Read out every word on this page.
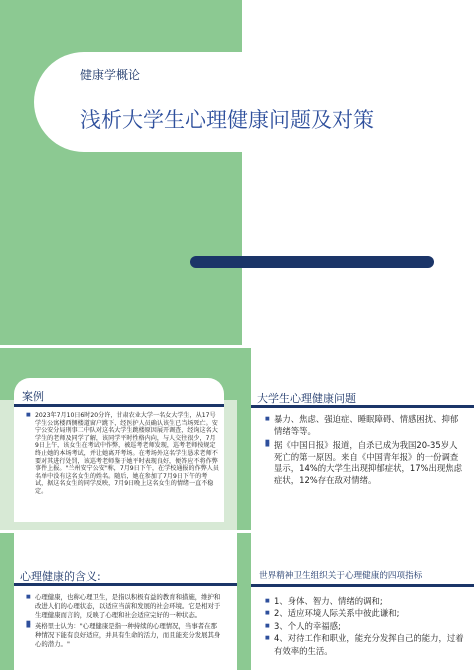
健康学概论
浅析大学生心理健康问题及对策
案例
■ 2023年7月10日6时20分许，甘肃农业大学一名女大学生，从17号学生公寓楼西侧楼道窗户跳下，经医护人员确认该生已当场死亡。安宁公安分局刑事二中队对这名大学生跳楼原因展开调查，经询这名大学生的老师及同学了解，该同学平时性格内向，与人交往很少，7月9日上午，该女生在考试中作弊，被巡考老师发现，巡考老师按规定终止她的本场考试，并让她离开考场。在考场外这名学生恳求老师不要对其进行处罚，该巡考老师鉴于她平时表现良好，便答应不将作弊事件上报。"兰州安宁公安"称，7月9日下午，在学校通报的作弊人员名单中没有这名女生的姓名。随后，她在参加了7月9日下午的考试，据这名女生的同学反映，7月9日晚上这名女生的情绪一直不稳定。
大学生心理健康问题
■ 暴力、焦虑、强迫症、睡眠障碍、情感困扰、抑郁情绪等等。
■
■ 据《中国日报》报道，自杀已成为我国20-35岁人死亡的第一原因。来自《中国青年报》的一份调查显示，14%的大学生出现抑郁症状，17%出现焦虑症状，12%存在敌对情绪。
心理健康的含义:
■ 心理健康，也称心理卫生，是指以积极有益的教育和措施，维护和改进人们的心理状态，以适应当前和发展的社会环境。它是相对于生理健康而言的，反映了心理和社会适应完好的一种状态。
■
■ 英格里士认为："心理健康是指一种持续的心理情况，当事者在那种情况下能有良好适应，并具有生命的活力，而且能充分发展其身心的潜力。"
世界精神卫生组织关于心理健康的四项指标
■ 1、身体、智力、情绪的调和;
■ 2、适应环境人际关系中彼此谦和;
■ 3、个人的幸福感;
■ 4、对待工作和职业，能充分发挥自己的能力，过着有效率的生活。
